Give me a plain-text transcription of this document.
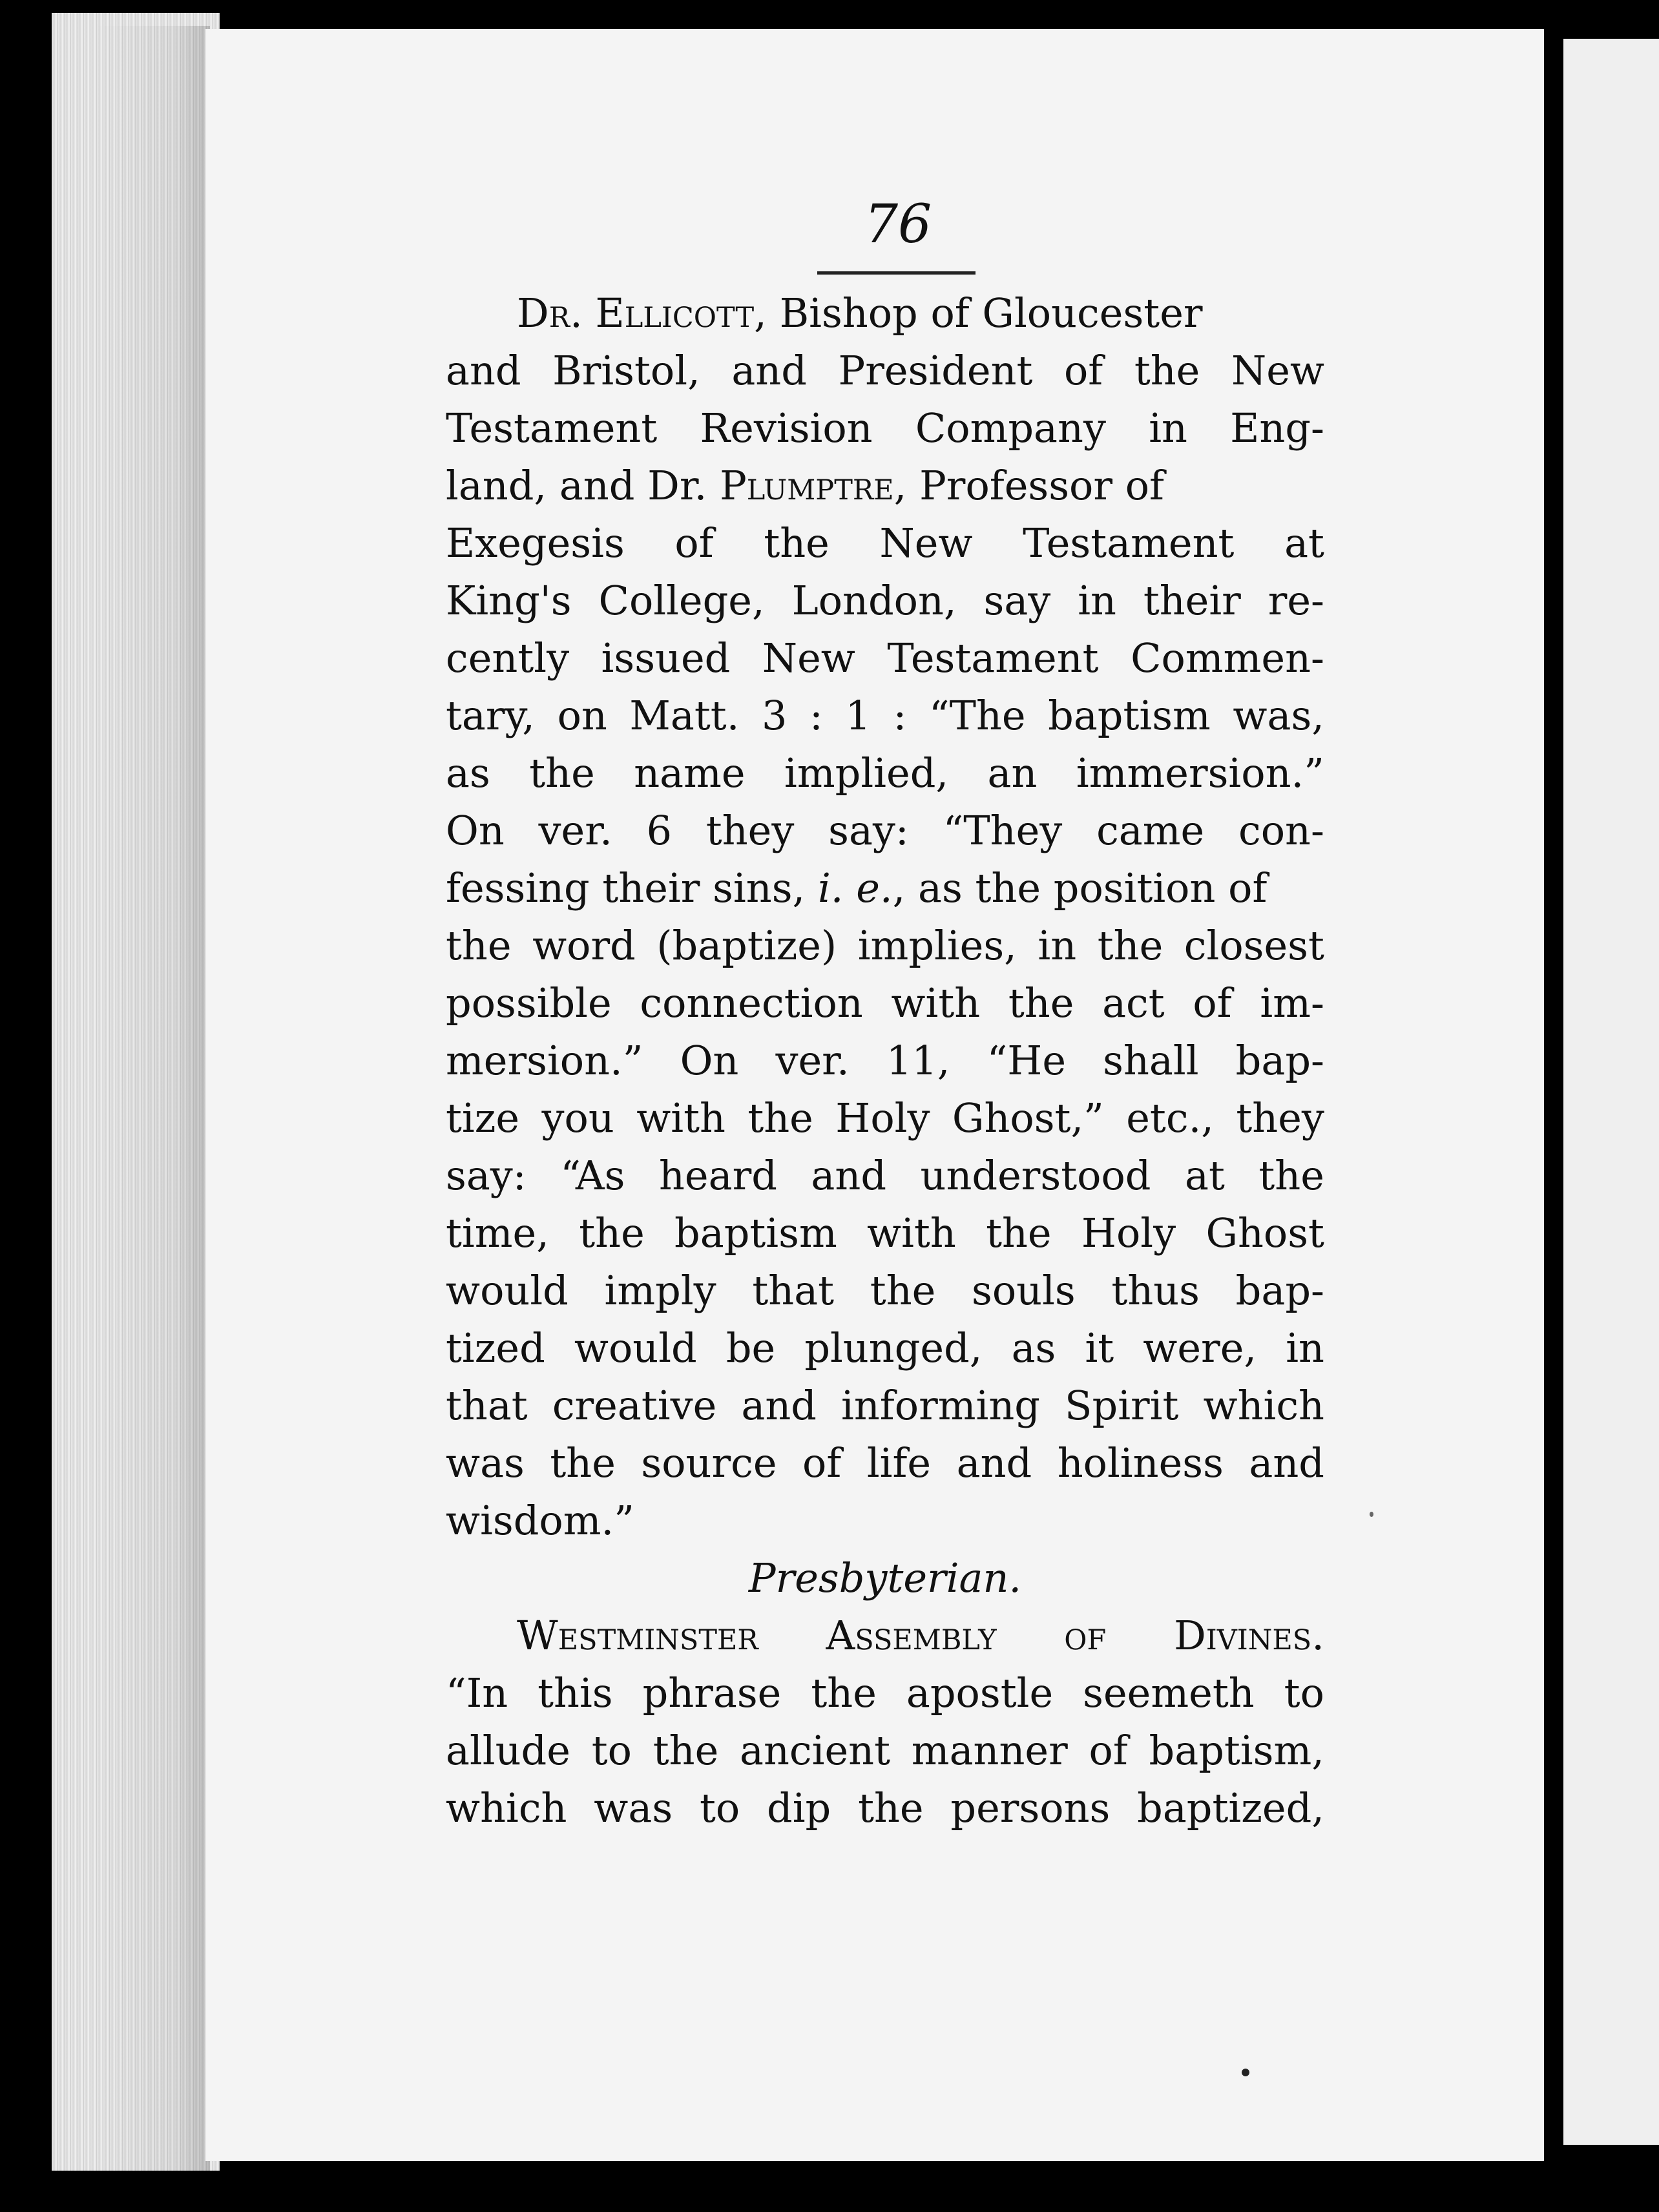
76
Dr. Ellicott, Bishop of Gloucester
and Bristol, and President of the New
Testament Revision Company in Eng-
land, and Dr. Plumptre, Professor of
Exegesis of the New Testament at
King's College, London, say in their re-
cently issued New Testament Commen-
tary, on Matt. 3 : 1 : “The baptism was,
as the name implied, an immersion.”
On ver. 6 they say: “They came con-
fessing their sins, i. e., as the position of
the word (baptize) implies, in the closest
possible connection with the act of im-
mersion.” On ver. 11, “He shall bap-
tize you with the Holy Ghost,” etc., they
say: “As heard and understood at the
time, the baptism with the Holy Ghost
would imply that the souls thus bap-
tized would be plunged, as it were, in
that creative and informing Spirit which
was the source of life and holiness and
wisdom.”
Presbyterian.
Westminster Assembly of Divines.
“In this phrase the apostle seemeth to
allude to the ancient manner of baptism,
which was to dip the persons baptized,
